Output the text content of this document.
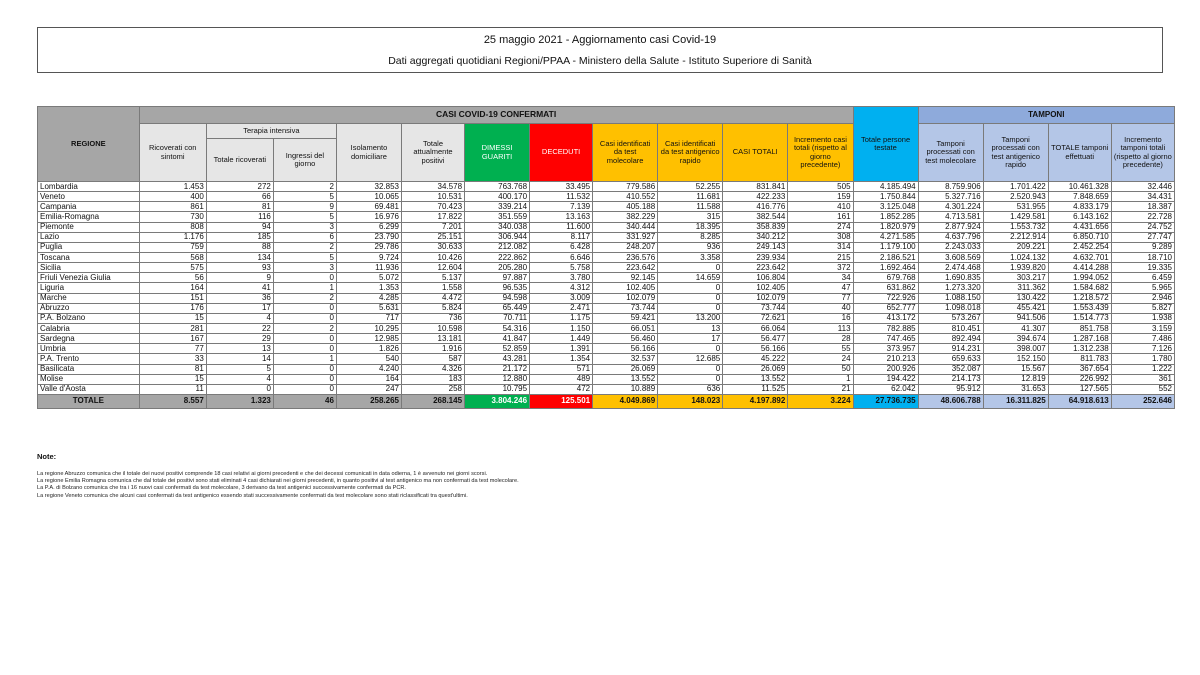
25 maggio 2021 - Aggiornamento casi Covid-19
Dati aggregati quotidiani Regioni/PPAA - Ministero della Salute - Istituto Superiore di Sanità
REGIONE	CASI COVID-19 CONFERMATI											Totale persone testate	TAMPONI			
	Ricoverati con sintomi	Terapia intensiva		Isolamento domiciliare	Totale attualmente positivi	DIMESSI GUARITI	DECEDUTI	Casi identificati da test molecolare	Casi identificati da test antigenico rapido	CASI TOTALI	Incremento casi totali (rispetto al giorno precedente)		Tamponi processati con test molecolare	Tamponi processati con test antigenico rapido	TOTALE tamponi effettuati	Incremento tamponi totali (rispetto al giorno precedente)
		Totale ricoverati	Ingressi del giorno													
Lombardia	1.453	272	2	32.853	34.578	763.768	33.495	779.586	52.255	831.841	505	4.185.494	8.759.906	1.701.422	10.461.328	32.446
Veneto	400	66	5	10.065	10.531	400.170	11.532	410.552	11.681	422.233	159	1.750.844	5.327.716	2.520.943	7.848.659	34.431
Campania	861	81	9	69.481	70.423	339.214	7.139	405.188	11.588	416.776	410	3.125.048	4.301.224	531.955	4.833.179	18.387
Emilia-Romagna	730	116	5	16.976	17.822	351.559	13.163	382.229	315	382.544	161	1.852.285	4.713.581	1.429.581	6.143.162	22.728
Piemonte	808	94	3	6.299	7.201	340.038	11.600	340.444	18.395	358.839	274	1.820.979	2.877.924	1.553.732	4.431.656	24.752
Lazio	1.176	185	6	23.790	25.151	306.944	8.117	331.927	8.285	340.212	308	4.271.585	4.637.796	2.212.914	6.850.710	27.747
Puglia	759	88	2	29.786	30.633	212.082	6.428	248.207	936	249.143	314	1.179.100	2.243.033	209.221	2.452.254	9.289
Toscana	568	134	5	9.724	10.426	222.862	6.646	236.576	3.358	239.934	215	2.186.521	3.608.569	1.024.132	4.632.701	18.710
Sicilia	575	93	3	11.936	12.604	205.280	5.758	223.642	0	223.642	372	1.692.464	2.474.468	1.939.820	4.414.288	19.335
Friuli Venezia Giulia	56	9	0	5.072	5.137	97.887	3.780	92.145	14.659	106.804	34	679.768	1.690.835	303.217	1.994.052	6.459
Liguria	164	41	1	1.353	1.558	96.535	4.312	102.405	0	102.405	47	631.862	1.273.320	311.362	1.584.682	5.965
Marche	151	36	2	4.285	4.472	94.598	3.009	102.079	0	102.079	77	722.926	1.088.150	130.422	1.218.572	2.946
Abruzzo	176	17	0	5.631	5.824	65.449	2.471	73.744	0	73.744	40	652.777	1.098.018	455.421	1.553.439	5.827
P.A. Bolzano	15	4	0	717	736	70.711	1.175	59.421	13.200	72.621	16	413.172	573.267	941.506	1.514.773	1.938
Calabria	281	22	2	10.295	10.598	54.316	1.150	66.051	13	66.064	113	782.885	810.451	41.307	851.758	3.159
Sardegna	167	29	0	12.985	13.181	41.847	1.449	56.460	17	56.477	28	747.465	892.494	394.674	1.287.168	7.486
Umbria	77	13	0	1.826	1.916	52.859	1.391	56.166	0	56.166	55	373.957	914.231	398.007	1.312.238	7.126
P.A. Trento	33	14	1	540	587	43.281	1.354	32.537	12.685	45.222	24	210.213	659.633	152.150	811.783	1.780
Basilicata	81	5	0	4.240	4.326	21.172	571	26.069	0	26.069	50	200.926	352.087	15.567	367.654	1.222
Molise	15	4	0	164	183	12.880	489	13.552	0	13.552	1	194.422	214.173	12.819	226.992	361
Valle d'Aosta	11	0	0	247	258	10.795	472	10.889	636	11.525	21	62.042	95.912	31.653	127.565	552
TOTALE	8.557	1.323	46	258.265	268.145	3.804.246	125.501	4.049.869	148.023	4.197.892	3.224	27.736.735	48.606.788	16.311.825	64.918.613	252.646
Note:
La regione Abruzzo comunica che il totale dei nuovi positivi comprende 18 casi relativi ai giorni precedenti e che dei decessi comunicati in data odierna, 1 è avvenuto nei giorni scorsi.
La regione Emilia Romagna comunica che dal totale dei positivi sono stati eliminati 4 casi dichiarati nei giorni precedenti, in quanto positivi al test antigenico ma non confermati da test molecolare.
La P.A. di Bolzano comunica che tra i 16 nuovi casi confermati da test molecolare, 3 derivano da test antigenici successivamente confermati da PCR.
La regione Veneto comunica che alcuni casi confermati da test antigenico essendo stati successivamente confermati da test molecolare sono stati riclassificati tra quest'ultimi.
